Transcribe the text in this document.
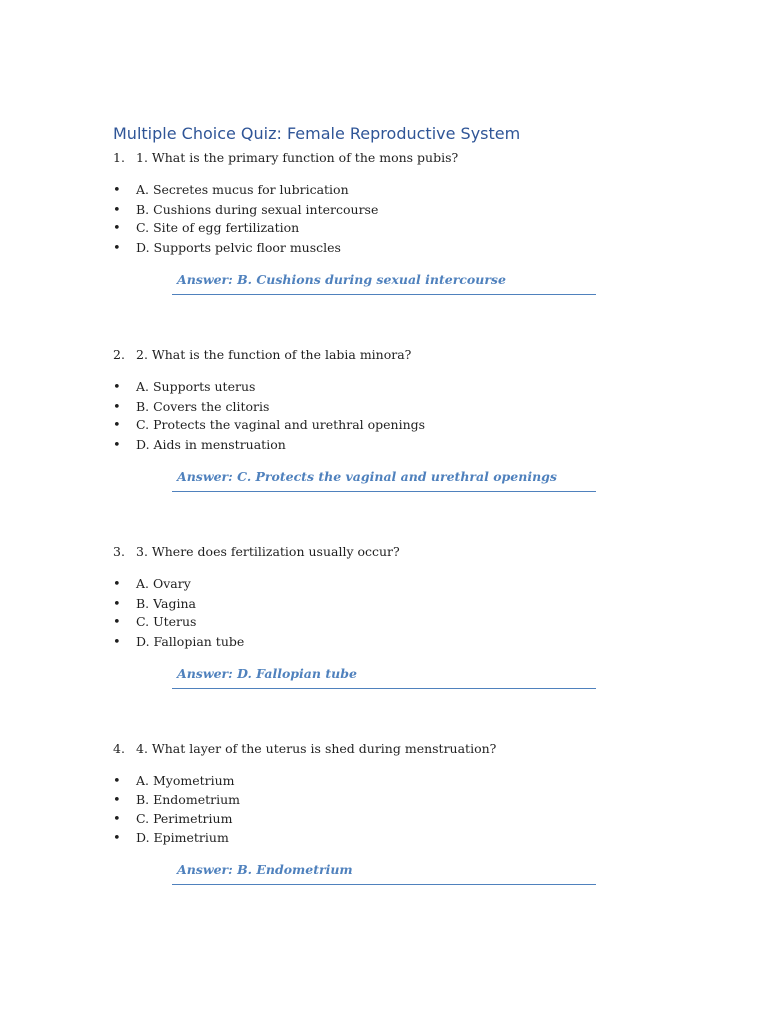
Multiple Choice Quiz: Female Reproductive System
1. 1. What is the primary function of the mons pubis?
• A. Secretes mucus for lubrication
• B. Cushions during sexual intercourse
• C. Site of egg fertilization
• D. Supports pelvic floor muscles
Answer: B. Cushions during sexual intercourse
2. 2. What is the function of the labia minora?
• A. Supports uterus
• B. Covers the clitoris
• C. Protects the vaginal and urethral openings
• D. Aids in menstruation
Answer: C. Protects the vaginal and urethral openings
3. 3. Where does fertilization usually occur?
• A. Ovary
• B. Vagina
• C. Uterus
• D. Fallopian tube
Answer: D. Fallopian tube
4. 4. What layer of the uterus is shed during menstruation?
• A. Myometrium
• B. Endometrium
• C. Perimetrium
• D. Epimetrium
Answer: B. Endometrium
